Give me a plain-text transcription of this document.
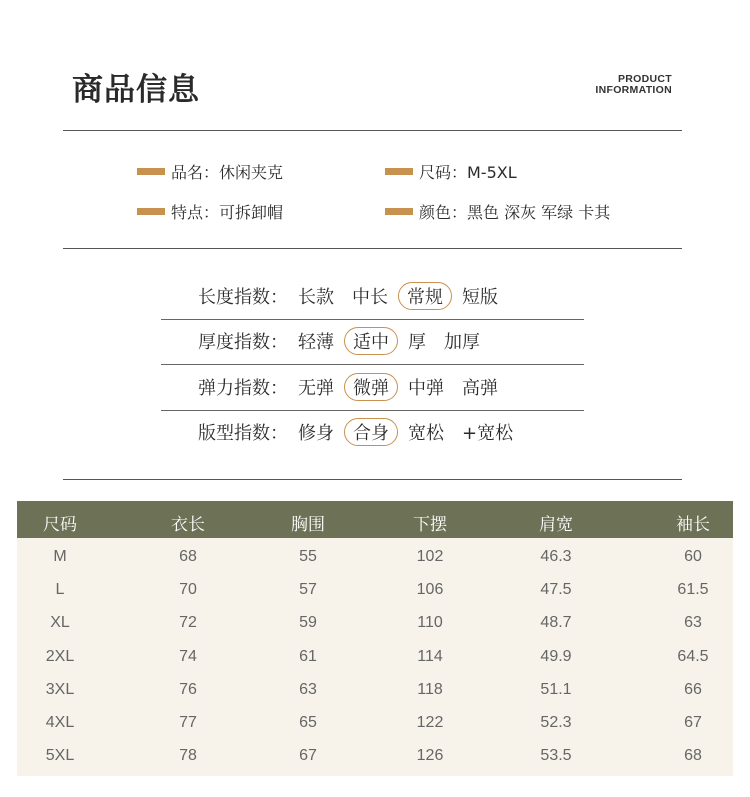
商品信息	PRODUCT
INFORMATION
品名：休闲夹克	尺码：M-5XL
特点：可拆卸帽	颜色：黑色 深灰 军绿 卡其
长度指数： 长款	中长	常规	短版
厚度指数： 轻薄	适中	厚	加厚
弹力指数： 无弹	微弹	中弹	高弹
版型指数： 修身	合身	宽松	+宽松
尺码	衣长	胸围	下摆	肩宽	袖长
M	68	55	102	46.3	60
L	70	57	106	47.5	61.5
XL	72	59	110	48.7	63
2XL	74	61	114	49.9	64.5
3XL	76	63	118	51.1	66
4XL	77	65	122	52.3	67
5XL	78	67	126	53.5	68
